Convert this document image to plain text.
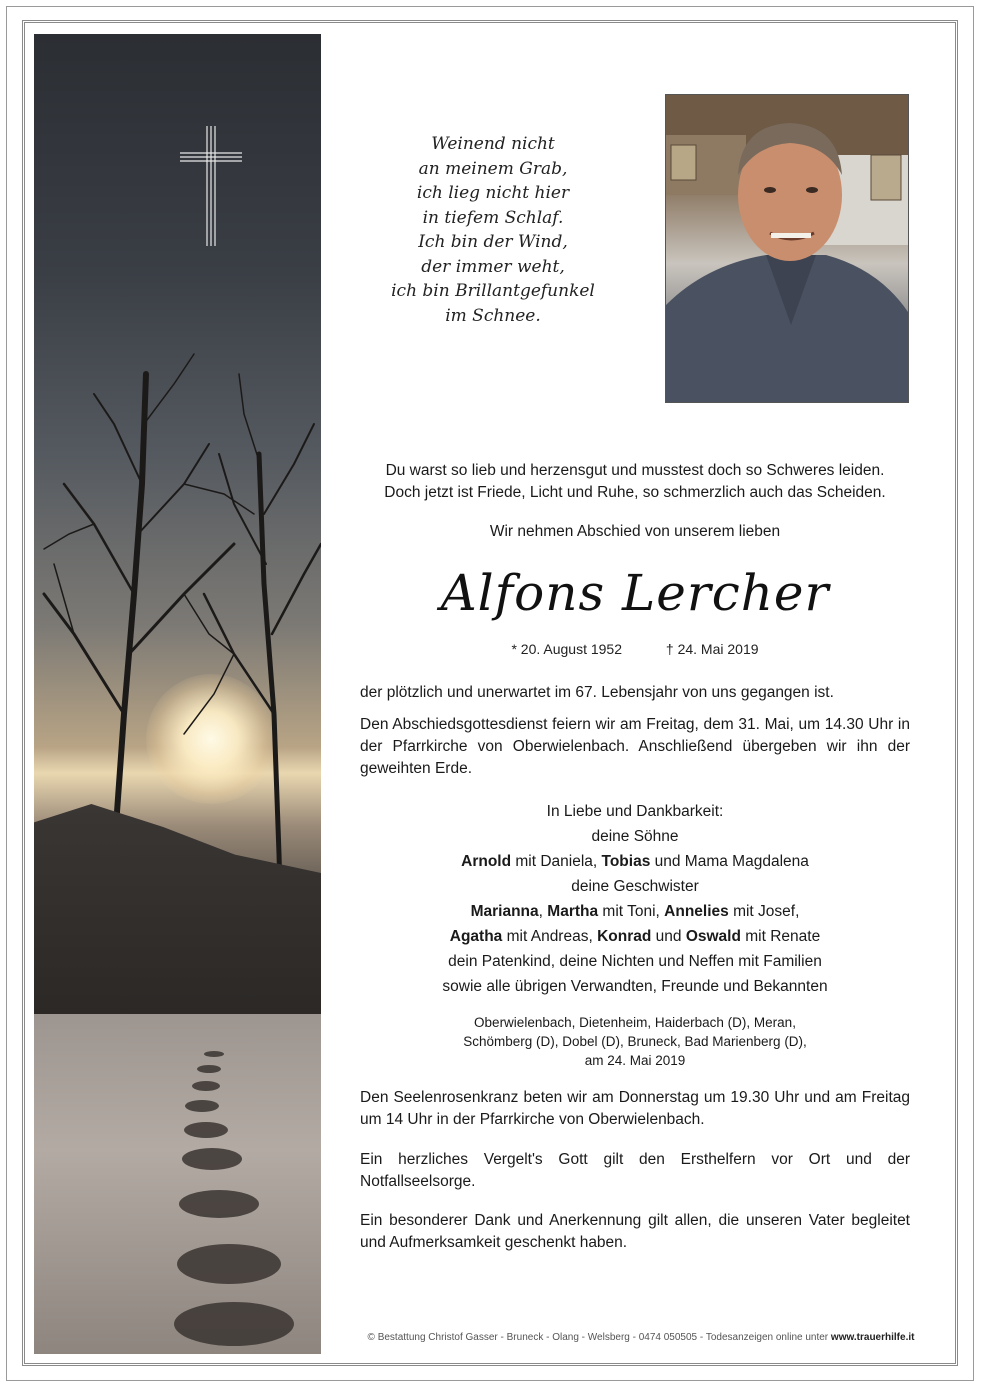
Weinend nicht
an meinem Grab,
ich lieg nicht hier
in tiefem Schlaf.
Ich bin der Wind,
der immer weht,
ich bin Brillantgefunkel
im Schnee.
Du warst so lieb und herzensgut und musstest doch so Schweres leiden.
Doch jetzt ist Friede, Licht und Ruhe, so schmerzlich auch das Scheiden.
Wir nehmen Abschied von unserem lieben
Alfons Lercher
* 20. August 1952	† 24. Mai 2019
der plötzlich und unerwartet im 67. Lebensjahr von uns gegangen ist.
Den Abschiedsgottesdienst feiern wir am Freitag, dem 31. Mai, um 14.30 Uhr in der Pfarrkirche von Oberwielenbach. Anschließend übergeben wir ihn der geweihten Erde.
In Liebe und Dankbarkeit:
deine Söhne
Arnold mit Daniela, Tobias und Mama Magdalena
deine Geschwister
Marianna, Martha mit Toni, Annelies mit Josef,
Agatha mit Andreas, Konrad und Oswald mit Renate
dein Patenkind, deine Nichten und Neffen mit Familien
sowie alle übrigen Verwandten, Freunde und Bekannten
Oberwielenbach, Dietenheim, Haiderbach (D), Meran,
Schömberg (D), Dobel (D), Bruneck, Bad Marienberg (D),
am 24. Mai 2019
Den Seelenrosenkranz beten wir am Donnerstag um 19.30 Uhr und am Freitag um 14 Uhr in der Pfarrkirche von Oberwielenbach.
Ein herzliches Vergelt's Gott gilt den Ersthelfern vor Ort und der Notfallseelsorge.
Ein besonderer Dank und Anerkennung gilt allen, die unseren Vater begleitet und Aufmerksamkeit geschenkt haben.
© Bestattung Christof Gasser - Bruneck - Olang - Welsberg - 0474 050505 - Todesanzeigen online unter www.trauerhilfe.it
